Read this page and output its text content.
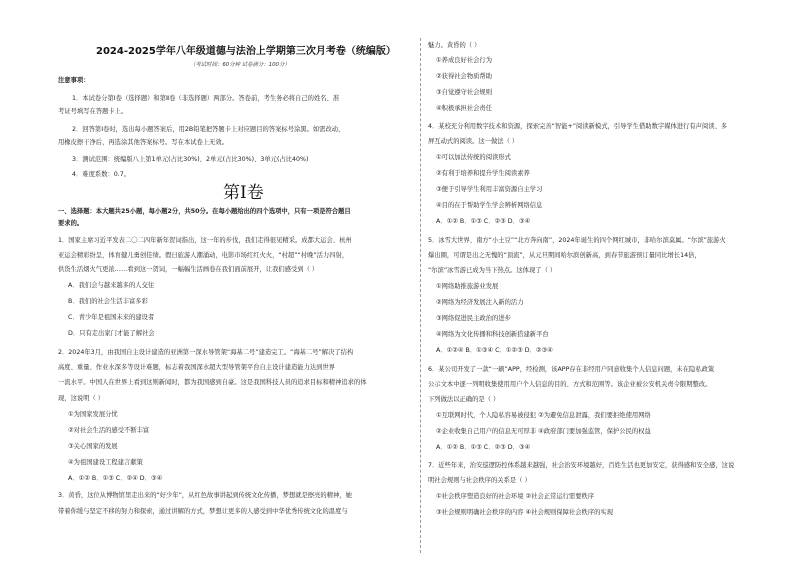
2024-2025学年八年级道德与法治上学期第三次月考卷（统编版）
（考试时间：60分钟 试卷满分：100分）
注意事项：
1．本试卷分第Ⅰ卷（选择题）和第Ⅱ卷（非选择题）两部分。答卷前，考生务必将自己的姓名、准
考证号填写在答题卡上。
2．回答第Ⅰ卷时，选出每小题答案后，用2B铅笔把答题卡上对应题目的答案标号涂黑。如需改动，
用橡皮擦干净后，再选涂其他答案标号。写在本试卷上无效。
3．测试范围：统编版八上第1单元(占比30%)、2单元(占比30%)、3单元(占比40%)
4．难度系数：0.7。
第Ⅰ卷
一、选择题：本大题共25小题，每小题2分，共50分。在每小题给出的四个选项中，只有一项是符合题目
要求的。
1．国家主席习近平发表二〇二四年新年贺词指出，这一年的步伐，我们走得很见精采。成都大运会、杭州
亚运会精彩纷呈，体育健儿勇创佳绩。假日旅游人潮涌动，电影市场红红火火，“村超”“村晚”活力四射，
供货生活烟火气更浓……看到这一贺词，一幅幅生活画卷在我们面前展开，让我们感受到（ ）
A．我们会与越来越多的人交往
B．我们的社会生活丰富多彩
C．青少年是祖国未来的建设者
D．只有走出家门才能了解社会
2．2024年3月，由我国自主设计建造的亚洲第一深水导管架“海基二号”建造完工。“海基二号”解决了结构
高度、重量、作业水深多等设计难题，标志着我国深水超大型导管架平台自主设计建造能力达到世界
一流水平。中国人在世界上看到这则新闻时，都为我国感到自豪。这是我国科技人员的追求目标和精神追求的体
现，这说明（ ）
①为国家发展分忧
②对社会生活的感受不断丰富
③关心国家的发展
④为祖国建设工程建言献策
A．①② B．①③ C．②④ D．③④
3．黄昏，这位从博物馆里走出来的“好少年”，从红色故事讲起到传统文化传播，梦想就是擦亮的精神，她
带着你缓与坚定不移的努力和探索，通过讲解的方式，梦想让更多的人感受到中华优秀传统文化的温度与
魅力。黄昏的（ ）
①养成良好社会行为
②获得社会物质帮助
③自觉遵守社会规则
④积极承担社会责任
4．某校充分利用数字技术和资源，探索完善“智能+”阅读新模式，引导学生借助数字媒体进行有声阅读、多
屏互动式的阅读。这一做法（ ）
①可以加法传统的阅读形式
②有利于培养和提升学生阅读素养
③便于引导学生利用丰富资源自主学习
④目的在于帮助学生学会辨析网络信息
A．①② B．①③ C．②③ D．③④
5．冰雪大世界、南方“小土豆”“北方奔向南”，2024年诞生的四个网红城市，非哈尔滨莫属。“尔滨”旅游火
爆出圈，可谓是出之无愧的“顶流”，从元旦期间哈尔滨创新高，到春节旅游预订量同比增长14倍，
“尔滨”冰雪游已成为当下热点。这体现了（ ）
①网络助推旅游业发展
②网络为经济发展注入新的活力
③网络促进民主政治的进步
④网络为文化传播和科技创新搭建新平台
A．①②④ B．①③④ C．①②③ D．②③④
6．某公司开发了一款“一刷”APP，经检测，该APP存在非经用户同意收集个人信息问题，未在隐私政策
公示文本中逐一列明收集使用用户个人信息的目的、方式和范围等。该企业被公安机关责令限期整改。
下列做法以正确的是（ ）
①互联网时代，个人隐私容易被侵犯 ②为避免信息泄露，我们要拒绝使用网络
②企业收集自己用户的信息无可厚非 ④政府部门要加强监管，保护公民的权益
A．①② B．①③ C．②③ D．③④
7．近些年来，治安巡逻防控体系越来越强，社会治安环境越好，百姓生活也更加安定，获得感和安全感，这说
明社会规则与社会秩序的关系是（ ）
①社会秩序塑造良好的社会环境 ②社会正常运行需要秩序
③社会规则明确社会秩序的内容 ④社会规则保障社会秩序的实现
